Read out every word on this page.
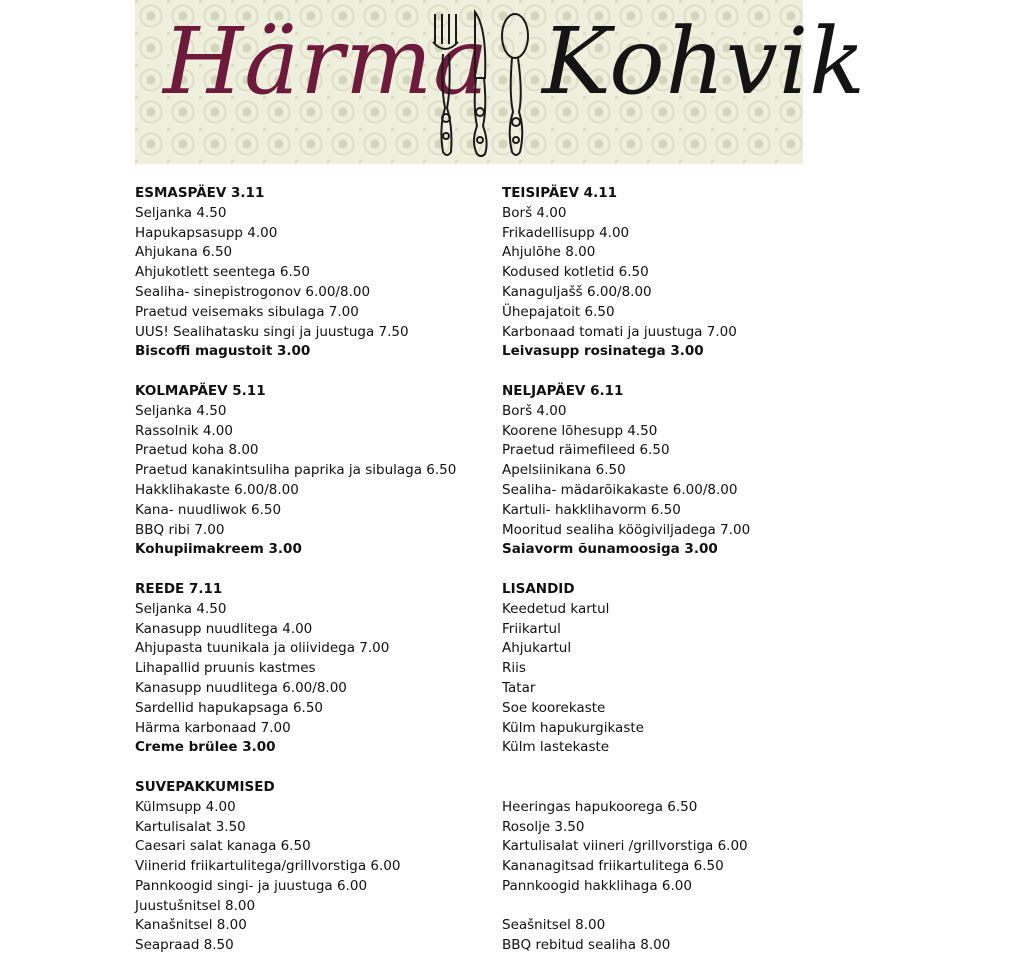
Härma Kohvik
ESMASPÄEV 3.11
Seljanka 4.50
Hapukapsasupp 4.00
Ahjukana 6.50
Ahjukotlett seentega 6.50
Sealiha- sinepistrogonov 6.00/8.00
Praetud veisemaks sibulaga 7.00
UUS! Sealihatasku singi ja juustuga 7.50
Biscoffi magustoit 3.00
KOLMAPÄEV 5.11
Seljanka 4.50
Rassolnik 4.00
Praetud koha 8.00
Praetud kanakintsuliha paprika ja sibulaga 6.50
Hakklihakaste 6.00/8.00
Kana- nuudliwok 6.50
BBQ ribi 7.00
Kohupiimakreem 3.00
REEDE 7.11
Seljanka 4.50
Kanasupp nuudlitega 4.00
Ahjupasta tuunikala ja oliividega 7.00
Lihapallid pruunis kastmes
Kanasupp nuudlitega 6.00/8.00
Sardellid hapukapsaga 6.50
Härma karbonaad 7.00
Creme brülee 3.00
SUVEPAKKUMISED
Külmsupp 4.00
Kartulisalat 3.50
Caesari salat kanaga 6.50
Viinerid friikartulitega/grillvorstiga 6.00
Pannkoogid singi- ja juustuga 6.00
Juustušnitsel 8.00
Kanašnitsel 8.00
Seapraad 8.50
TEISIPÄEV 4.11
Borš 4.00
Frikadellisupp 4.00
Ahjulõhe 8.00
Kodused kotletid 6.50
Kanaguljašš 6.00/8.00
Ühepajatoit 6.50
Karbonaad tomati ja juustuga 7.00
Leivasupp rosinatega 3.00
NELJAPÄEV 6.11
Borš 4.00
Koorene lõhesupp 4.50
Praetud räimefileed 6.50
Apelsiinikana 6.50
Sealiha- mädarõikakaste 6.00/8.00
Kartuli- hakklihavorm 6.50
Mooritud sealiha köögiviljadega 7.00
Saiavorm õunamoosiga 3.00
LISANDID
Keedetud kartul
Friikartul
Ahjukartul
Riis
Tatar
Soe koorekaste
Külm hapukurgikaste
Külm lastekaste
Heeringas hapukoorega 6.50
Rosolje 3.50
Kartulisalat viineri /grillvorstiga 6.00
Kananagitsad friikartulitega 6.50
Pannkoogid hakklihaga 6.00
Seašnitsel 8.00
BBQ rebitud sealiha 8.00
